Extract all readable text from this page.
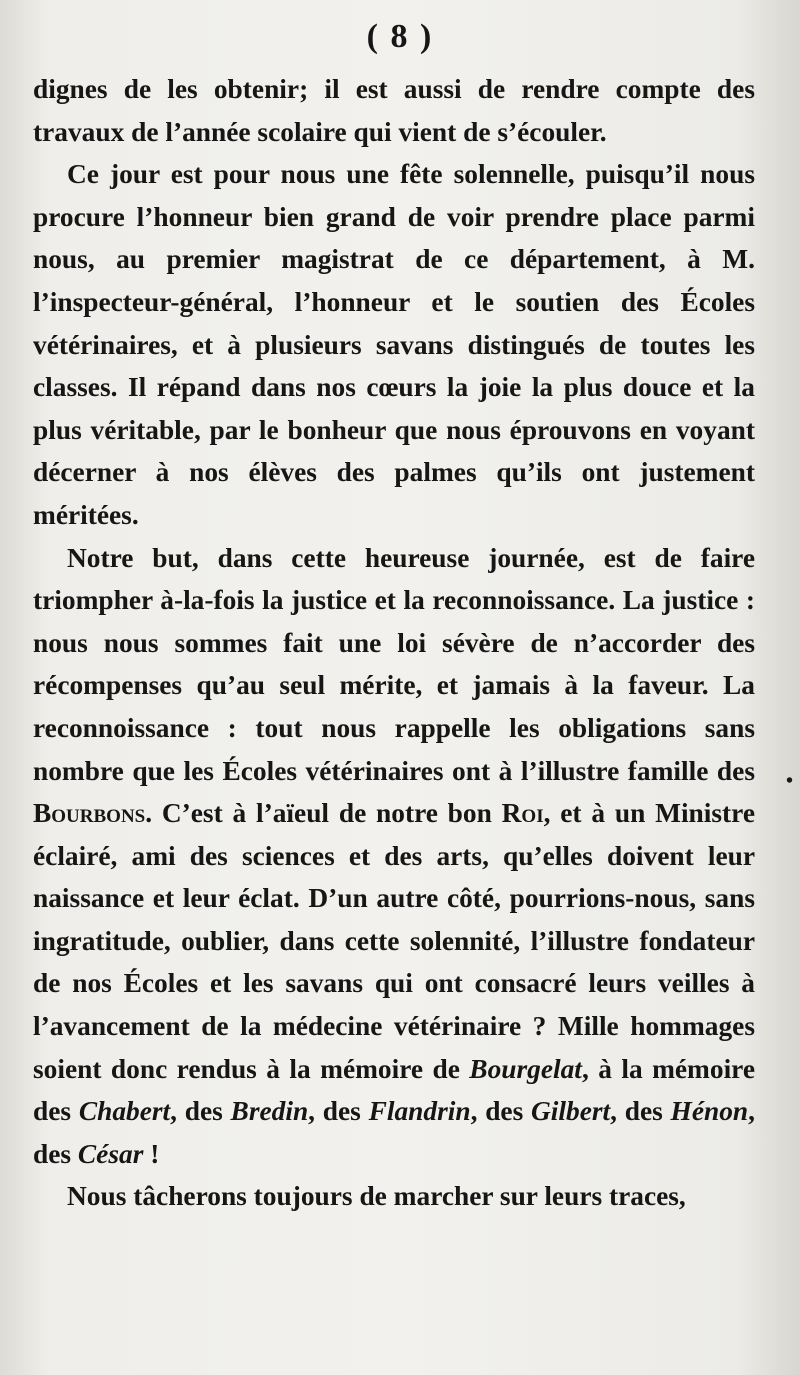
( 8 )

dignes de les obtenir; il est aussi de rendre compte des travaux de l’année scolaire qui vient de s’écouler.

Ce jour est pour nous une fête solennelle, puisqu’il nous procure l’honneur bien grand de voir prendre place parmi nous, au premier magistrat de ce département, à M. l’inspecteur-général, l’honneur et le soutien des Écoles vétérinaires, et à plusieurs savans distingués de toutes les classes. Il répand dans nos cœurs la joie la plus douce et la plus véritable, par le bonheur que nous éprouvons en voyant décerner à nos élèves des palmes qu’ils ont justement méritées.

Notre but, dans cette heureuse journée, est de faire triompher à-la-fois la justice et la reconnoissance. La justice : nous nous sommes fait une loi sévère de n’accorder des récompenses qu’au seul mérite, et jamais à la faveur. La reconnoissance : tout nous rappelle les obligations sans nombre que les Écoles vétérinaires ont à l’illustre famille des Bourbons. C’est à l’aïeul de notre bon Roi, et à un Ministre éclairé, ami des sciences et des arts, qu’elles doivent leur naissance et leur éclat. D’un autre côté, pourrions-nous, sans ingratitude, oublier, dans cette solennité, l’illustre fondateur de nos Écoles et les savans qui ont consacré leurs veilles à l’avancement de la médecine vétérinaire ? Mille hommages soient donc rendus à la mémoire de Bourgelat, à la mémoire des Chabert, des Bredin, des Flandrin, des Gilbert, des Hénon, des César !

Nous tâcherons toujours de marcher sur leurs traces,

•
